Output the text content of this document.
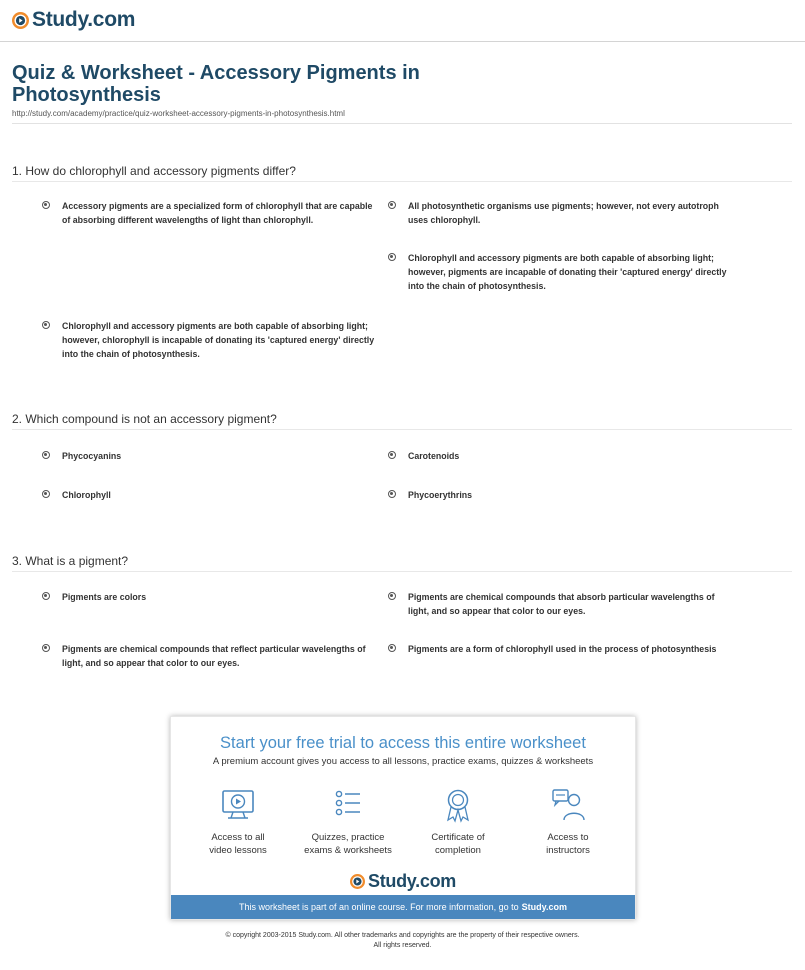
Study.com
Quiz & Worksheet - Accessory Pigments in Photosynthesis
http://study.com/academy/practice/quiz-worksheet-accessory-pigments-in-photosynthesis.html
1. How do chlorophyll and accessory pigments differ?
Accessory pigments are a specialized form of chlorophyll that are capable of absorbing different wavelengths of light than chlorophyll.
All photosynthetic organisms use pigments; however, not every autotroph uses chlorophyll.
Chlorophyll and accessory pigments are both capable of absorbing light; however, pigments are incapable of donating their 'captured energy' directly into the chain of photosynthesis.
Chlorophyll and accessory pigments are both capable of absorbing light; however, chlorophyll is incapable of donating its 'captured energy' directly into the chain of photosynthesis.
2. Which compound is not an accessory pigment?
Phycocyanins	Carotenoids
Chlorophyll	Phycoerythrins
3. What is a pigment?
Pigments are colors	Pigments are chemical compounds that absorb particular wavelengths of light, and so appear that color to our eyes.
Pigments are chemical compounds that reflect particular wavelengths of light, and so appear that color to our eyes.
Pigments are a form of chlorophyll used in the process of photosynthesis
Start your free trial to access this entire worksheet
A premium account gives you access to all lessons, practice exams, quizzes & worksheets
Access to all
video lessons
Quizzes, practice
exams & worksheets
Certificate of
completion
Access to
instructors
Study.com
This worksheet is part of an online course. For more information, go to Study.com
© copyright 2003-2015 Study.com. All other trademarks and copyrights are the property of their respective owners.
All rights reserved.
